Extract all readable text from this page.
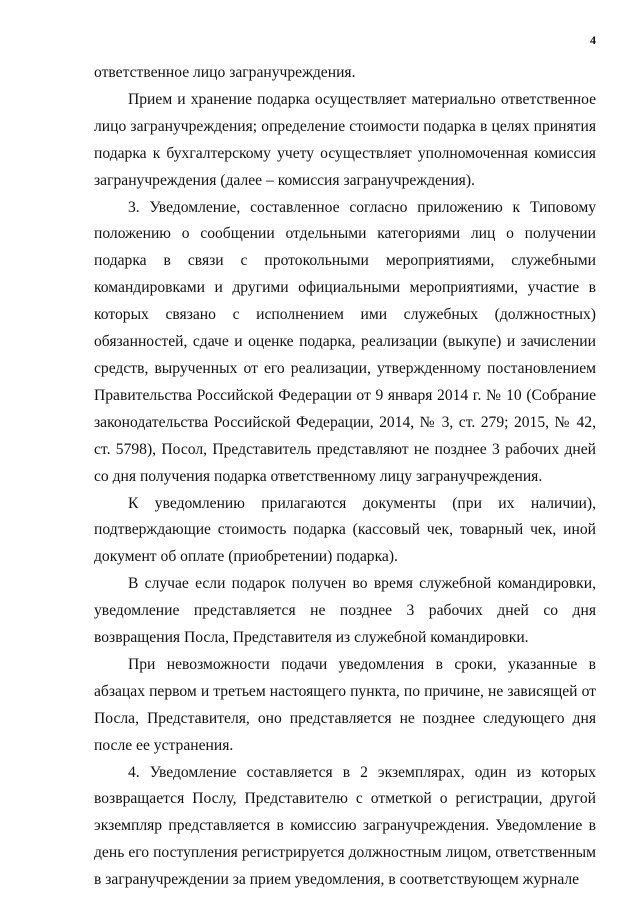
4

ответственное лицо загранучреждения.

Прием и хранение подарка осуществляет материально ответственное лицо загранучреждения; определение стоимости подарка в целях принятия подарка к бухгалтерскому учету осуществляет уполномоченная комиссия загранучреждения (далее – комиссия загранучреждения).

3. Уведомление, составленное согласно приложению к Типовому положению о сообщении отдельными категориями лиц о получении подарка в связи с протокольными мероприятиями, служебными командировками и другими официальными мероприятиями, участие в которых связано с исполнением ими служебных (должностных) обязанностей, сдаче и оценке подарка, реализации (выкупе) и зачислении средств, вырученных от его реализации, утвержденному постановлением Правительства Российской Федерации от 9 января 2014 г. № 10 (Собрание законодательства Российской Федерации, 2014, № 3, ст. 279; 2015, № 42, ст. 5798), Посол, Представитель представляют не позднее 3 рабочих дней со дня получения подарка ответственному лицу загранучреждения.

К уведомлению прилагаются документы (при их наличии), подтверждающие стоимость подарка (кассовый чек, товарный чек, иной документ об оплате (приобретении) подарка).

В случае если подарок получен во время служебной командировки, уведомление представляется не позднее 3 рабочих дней со дня возвращения Посла, Представителя из служебной командировки.

При невозможности подачи уведомления в сроки, указанные в абзацах первом и третьем настоящего пункта, по причине, не зависящей от Посла, Представителя, оно представляется не позднее следующего дня после ее устранения.

4. Уведомление составляется в 2 экземплярах, один из которых возвращается Послу, Представителю с отметкой о регистрации, другой экземпляр представляется в комиссию загранучреждения. Уведомление в день его поступления регистрируется должностным лицом, ответственным в загранучреждении за прием уведомления, в соответствующем журнале
